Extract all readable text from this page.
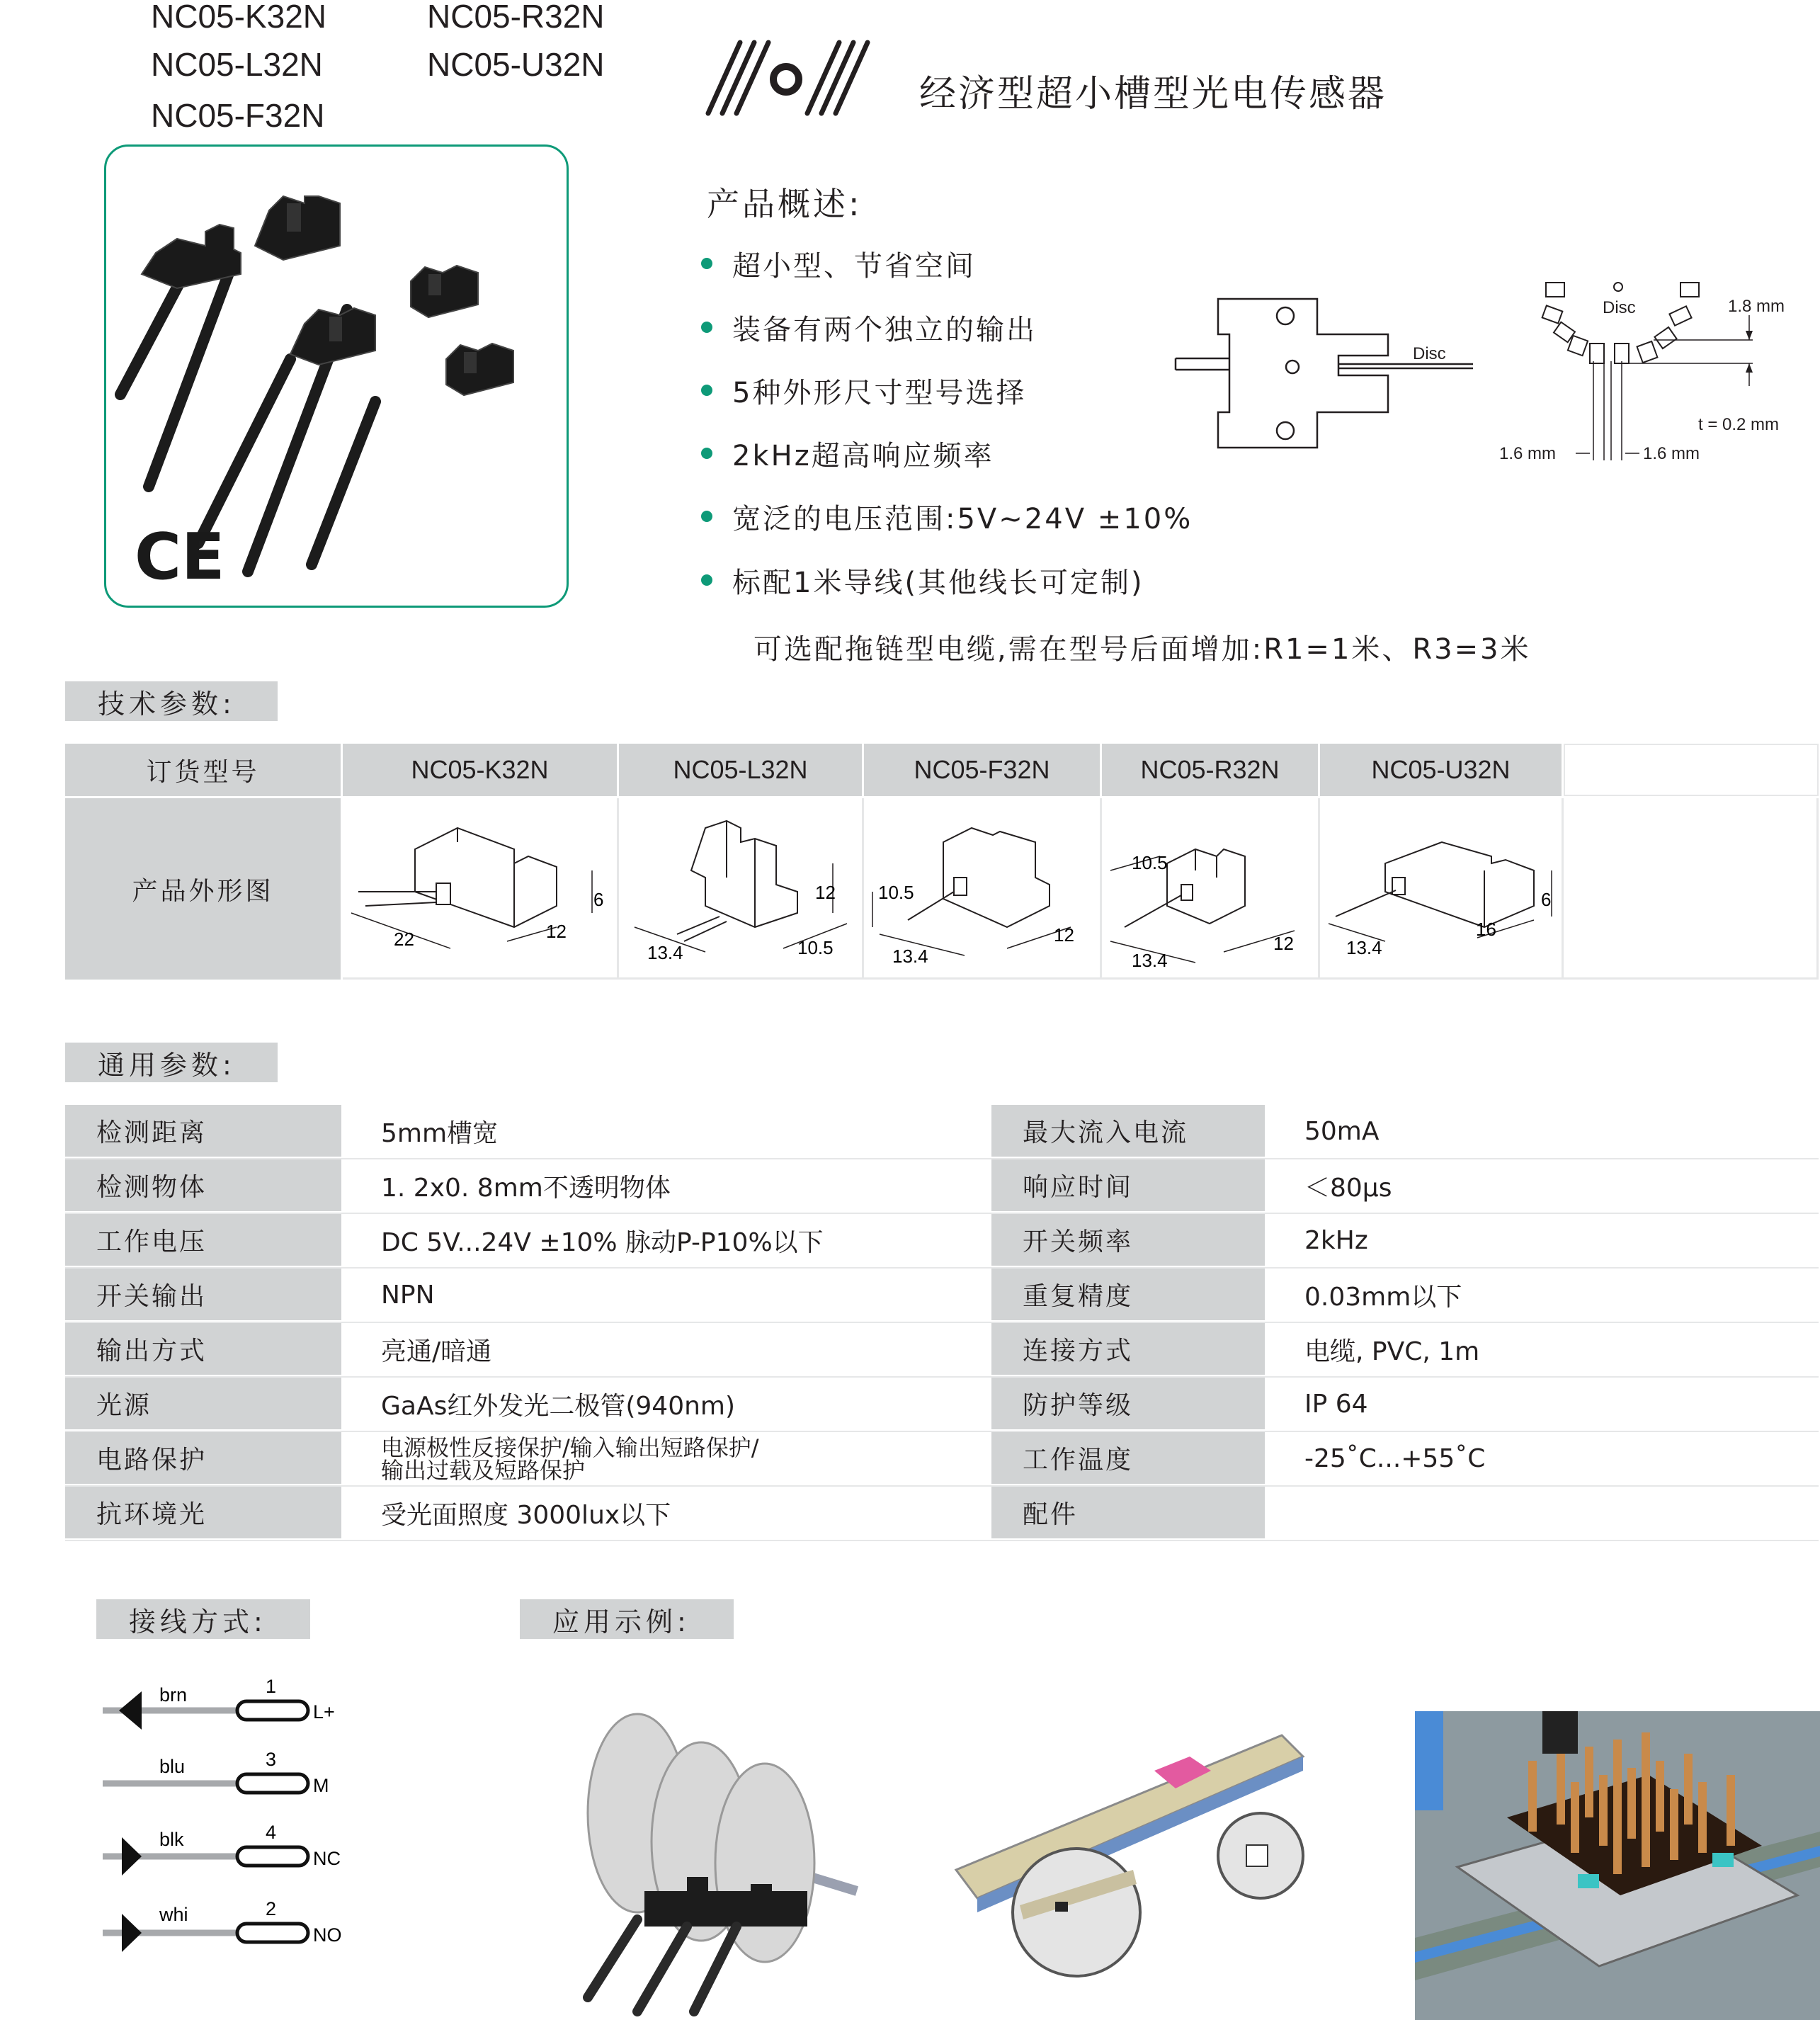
NC05-K32N	NC05-R32N
NC05-L32N	NC05-U32N
NC05-F32N
CE
经济型超小槽型光电传感器
产品概述:
超小型、节省空间
装备有两个独立的输出
5种外形尺寸型号选择
2kHz超高响应频率
宽泛的电压范围:5V~24V ±10%
标配1米导线(其他线长可定制)
可选配拖链型电缆,需在型号后面增加:R1=1米、R3=3米
Disc
Disc	1.8 mm
t = 0.2 mm
1.6 mm	1.6 mm
技术参数:
订货型号	NC05-K32N	NC05-L32N	NC05-F32N	NC05-R32N	NC05-U32N
产品外形图
22	12
6
13.4	10.5
12 10.5
13.4
12
10.5
13.4
12	13.4
16
6
通用参数:
检测距离	5mm槽宽	最大流入电流	50mA
检测物体	1. 2x0. 8mm不透明物体	响应时间	＜80μs
工作电压	DC 5V...24V ±10% 脉动P-P10%以下	开关频率	2kHz
开关输出	NPN	重复精度	0.03mm以下
输出方式	亮通/暗通	连接方式	电缆, PVC, 1m
光源	GaAs红外发光二极管(940nm)	防护等级	IP 64
电路保护	电源极性反接保护/输入输出短路保护/
输出过载及短路保护	工作温度	-25˚C...+55˚C
抗环境光	受光面照度 3000lux以下	配件
接线方式:
brn	1
L+
blu	3
M
blk	4
NC
whi	2
NO
应用示例:
